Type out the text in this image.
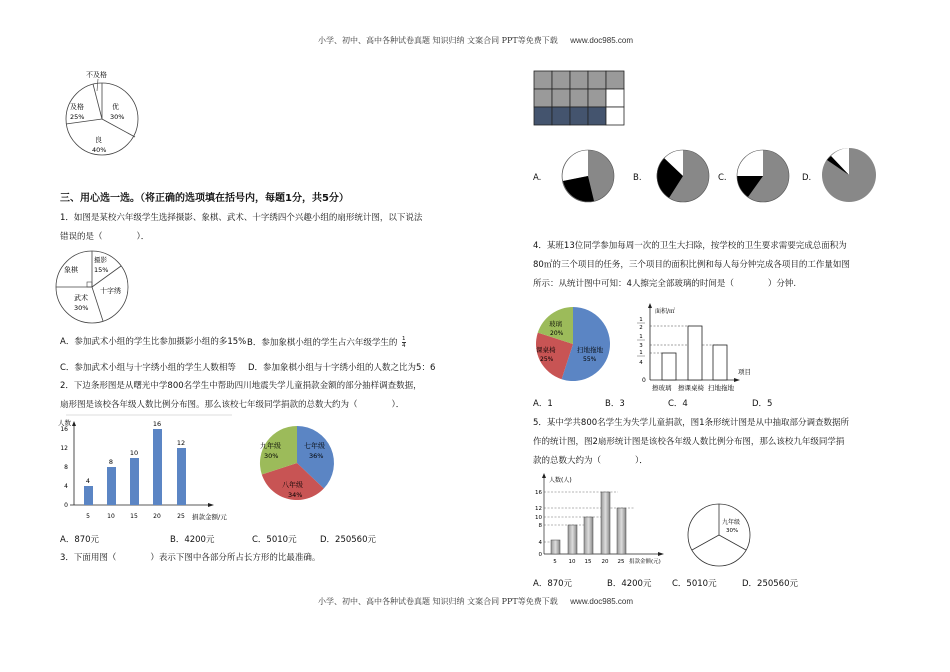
小学、初中、高中各种试卷真题 知识归纳 文案合同 PPT等免费下载 www.doc985.com
不及格
及格
25%
优
30%
良
40%
三、用心选一选。（将正确的选项填在括号内，每题1分，共5分）
1．如图是某校六年级学生选择摄影、象棋、武术、十字绣四个兴趣小组的扇形统计图，以下说法
错误的是（　　　　）．
象棋
摄影
15%
十字绣
武术
30%
A．参加武术小组的学生比参加摄影小组的多15% B．参加象棋小组的学生占六年级学生的 $\frac{1}{4}$
C．参加武术小组与十字绣小组的学生人数相等 D．参加象棋小组与十字绣小组的人数之比为5：6
2．下边条形图是从曙光中学800名学生中帮助四川地震失学儿童捐款金额的部分抽样调查数据，
扇形图是该校各年级人数比例分布图。那么该校七年级同学捐款的总数大约为（　　　　）．
人数
0
4
8
12
16
4
8
10
16
12
5	10	15	20	25 捐款金额/元
七年级
36%
八年级
34%
九年级
30%
A．870元	B．4200元	C．5010元	D．250560元
3．下面用图（　　　　）表示下图中各部分所占长方形的比最准确。
A.	B.	C.	D.
4．某班13位同学参加每周一次的卫生大扫除，按学校的卫生要求需要完成总面积为
80㎡的三个项目的任务，三个项目的面积比例和每人每分钟完成各项目的工作量如图
所示：从统计图中可知：4人擦完全部玻璃的时间是（　　　　）分钟.
玻璃
20%
课桌椅
25%
扫地拖地
55%
面积/㎡
项目
0
1
2
1
3
1
4
擦玻璃 擦课桌椅 扫地拖地
A．1	B．3	C．4	D．5
5．某中学共800名学生为失学儿童捐款，图1条形统计图是从中抽取部分调查数据所
作的统计图，图2扇形统计图是该校各年级人数比例分布图，那么该校九年级同学捐
款的总数大约为（　　　　）．
人数(人)
0
4
8
10
12
16
5 10 15 20 25 捐款金额(元)
九年级
30%
A．870元	B．4200元 C．5010元	D．250560元
小学、初中、高中各种试卷真题 知识归纳 文案合同 PPT等免费下载 www.doc985.com
